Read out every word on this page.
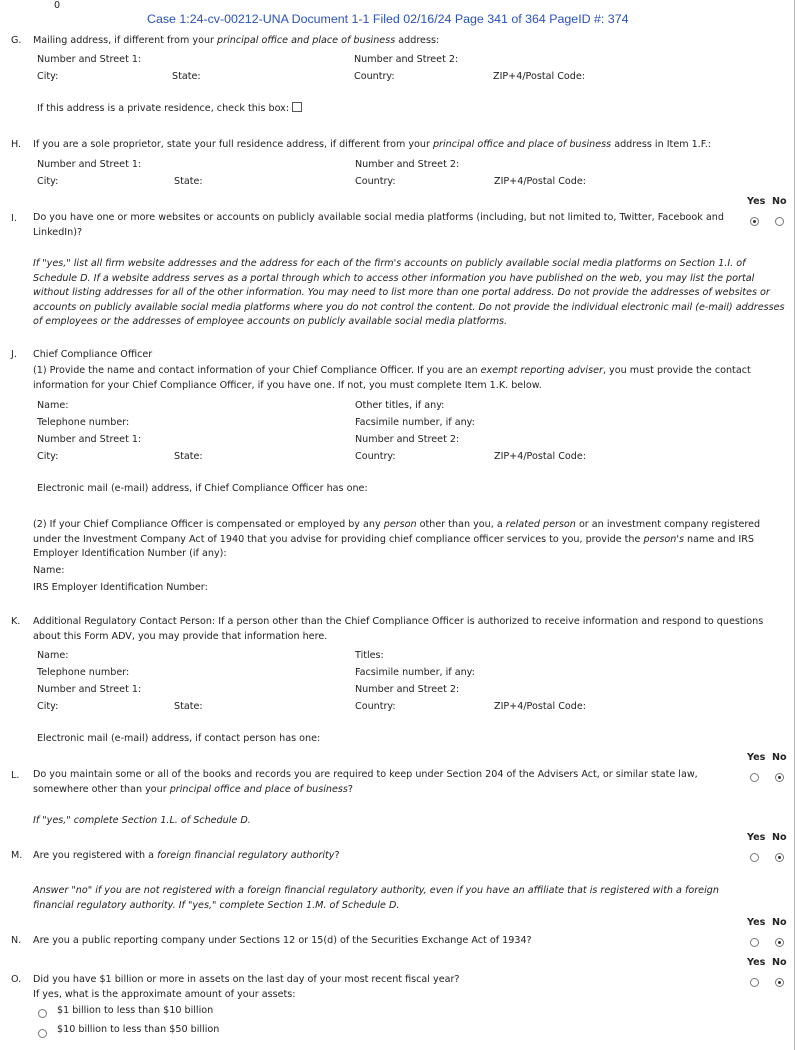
0
Case 1:24-cv-00212-UNA Document 1-1 Filed 02/16/24 Page 341 of 364 PageID #: 374
G. Mailing address, if different from your principal office and place of business address:
Number and Street 1:	Number and Street 2:
City:	State:	Country:	ZIP+4/Postal Code:
If this address is a private residence, check this box:
H. If you are a sole proprietor, state your full residence address, if different from your principal office and place of business address in Item 1.F.:
Number and Street 1:	Number and Street 2:
City:	State:	Country:	ZIP+4/Postal Code:
Yes No
I. Do you have one or more websites or accounts on publicly available social media platforms (including, but not limited to, Twitter, Facebook and LinkedIn)?
If "yes," list all firm website addresses and the address for each of the firm's accounts on publicly available social media platforms on Section 1.I. of Schedule D. If a website address serves as a portal through which to access other information you have published on the web, you may list the portal without listing addresses for all of the other information. You may need to list more than one portal address. Do not provide the addresses of websites or accounts on publicly available social media platforms where you do not control the content. Do not provide the individual electronic mail (e-mail) addresses of employees or the addresses of employee accounts on publicly available social media platforms.
J. Chief Compliance Officer
(1) Provide the name and contact information of your Chief Compliance Officer. If you are an exempt reporting adviser, you must provide the contact information for your Chief Compliance Officer, if you have one. If not, you must complete Item 1.K. below.
Name:	Other titles, if any:
Telephone number:	Facsimile number, if any:
Number and Street 1:	Number and Street 2:
City:	State:	Country:	ZIP+4/Postal Code:
Electronic mail (e-mail) address, if Chief Compliance Officer has one:
(2) If your Chief Compliance Officer is compensated or employed by any person other than you, a related person or an investment company registered under the Investment Company Act of 1940 that you advise for providing chief compliance officer services to you, provide the person's name and IRS Employer Identification Number (if any):
Name:
IRS Employer Identification Number:
K. Additional Regulatory Contact Person: If a person other than the Chief Compliance Officer is authorized to receive information and respond to questions about this Form ADV, you may provide that information here.
Name:	Titles:
Telephone number:	Facsimile number, if any:
Number and Street 1:	Number and Street 2:
City:	State:	Country:	ZIP+4/Postal Code:
Electronic mail (e-mail) address, if contact person has one:
Yes No
L. Do you maintain some or all of the books and records you are required to keep under Section 204 of the Advisers Act, or similar state law, somewhere other than your principal office and place of business?
If "yes," complete Section 1.L. of Schedule D.
Yes No
M. Are you registered with a foreign financial regulatory authority?
Answer "no" if you are not registered with a foreign financial regulatory authority, even if you have an affiliate that is registered with a foreign financial regulatory authority. If "yes," complete Section 1.M. of Schedule D.
Yes No
N. Are you a public reporting company under Sections 12 or 15(d) of the Securities Exchange Act of 1934?
Yes No
O. Did you have $1 billion or more in assets on the last day of your most recent fiscal year?
If yes, what is the approximate amount of your assets:
$1 billion to less than $10 billion
$10 billion to less than $50 billion
